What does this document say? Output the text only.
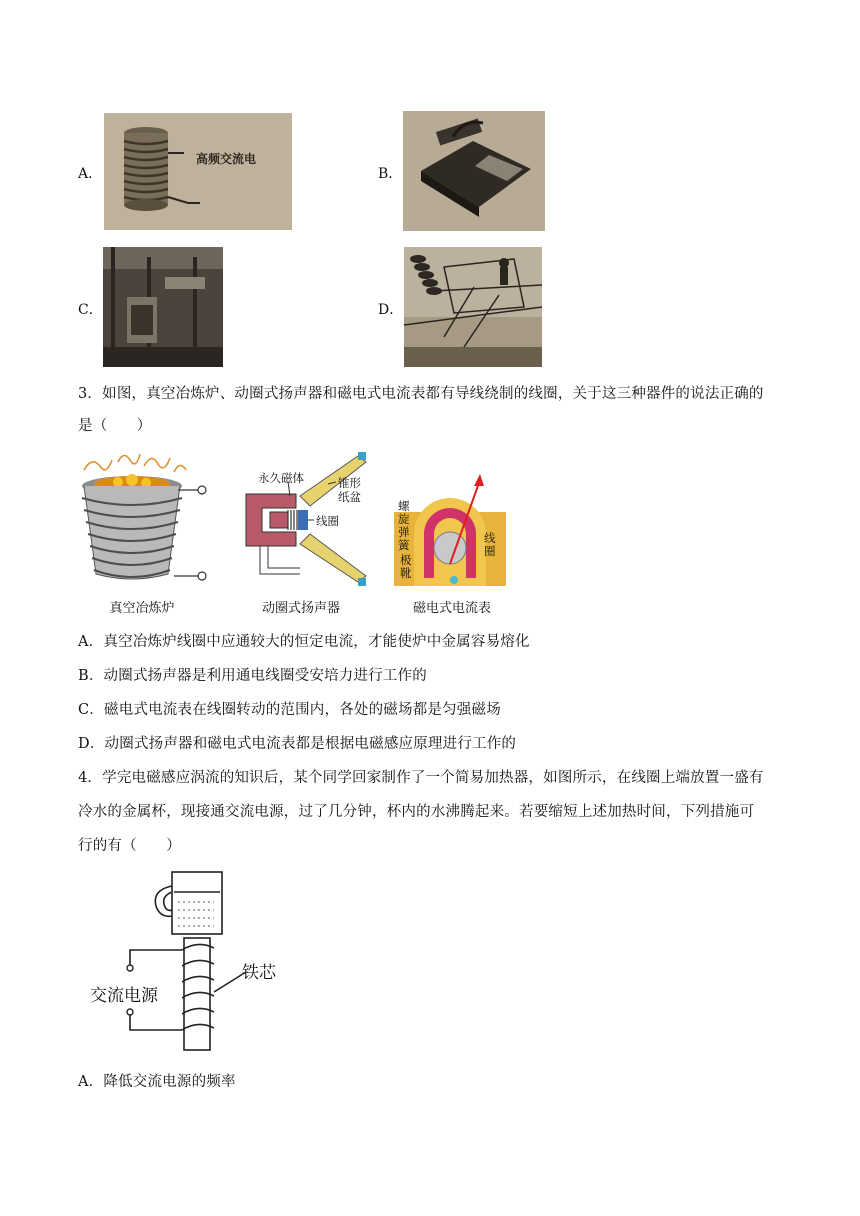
A．
高频交流电
B．
C．	D．
3．如图，真空冶炼炉、动圈式扬声器和磁电式电流表都有导线绕制的线圈，关于这三种器件的说法正确的
是（　　）
真空冶炼炉
永久磁体	锥形纸盆
线圈
动圈式扬声器
螺旋弹簧
极靴
线圈
磁电式电流表
A．真空冶炼炉线圈中应通较大的恒定电流，才能使炉中金属容易熔化
B．动圈式扬声器是利用通电线圈受安培力进行工作的
C．磁电式电流表在线圈转动的范围内，各处的磁场都是匀强磁场
D．动圈式扬声器和磁电式电流表都是根据电磁感应原理进行工作的
4．学完电磁感应涡流的知识后，某个同学回家制作了一个简易加热器，如图所示，在线圈上端放置一盛有
冷水的金属杯，现接通交流电源，过了几分钟，杯内的水沸腾起来。若要缩短上述加热时间，下列措施可
行的有（　　）
交流电源
铁芯
A．降低交流电源的频率
